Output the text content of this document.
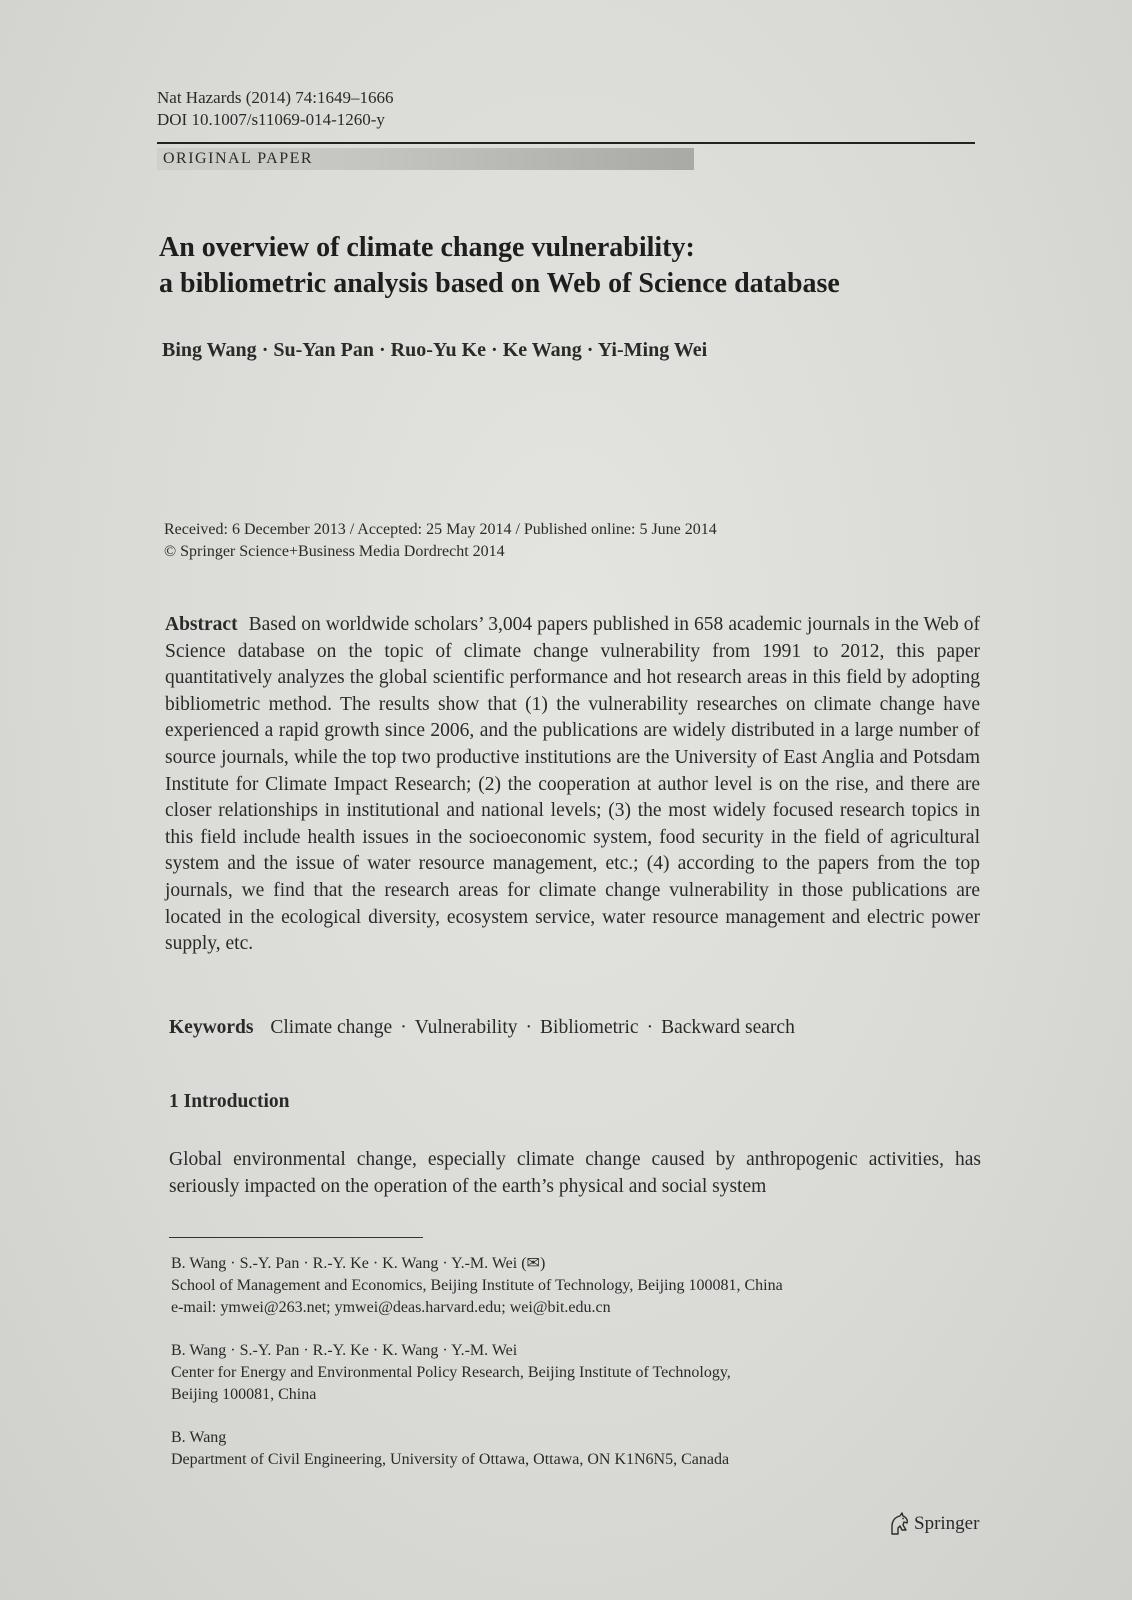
Nat Hazards (2014) 74:1649–1666
DOI 10.1007/s11069-014-1260-y
ORIGINAL PAPER
An overview of climate change vulnerability:
a bibliometric analysis based on Web of Science database
Bing Wang · Su-Yan Pan · Ruo-Yu Ke · Ke Wang · Yi-Ming Wei
Received: 6 December 2013 / Accepted: 25 May 2014 / Published online: 5 June 2014
© Springer Science+Business Media Dordrecht 2014
Abstract Based on worldwide scholars’ 3,004 papers published in 658 academic journals in the Web of Science database on the topic of climate change vulnerability from 1991 to 2012, this paper quantitatively analyzes the global scientific performance and hot research areas in this field by adopting bibliometric method. The results show that (1) the vulnerability researches on climate change have experienced a rapid growth since 2006, and the publications are widely distributed in a large number of source journals, while the top two productive institutions are the University of East Anglia and Potsdam Institute for Climate Impact Research; (2) the cooperation at author level is on the rise, and there are closer relationships in institutional and national levels; (3) the most widely focused research topics in this field include health issues in the socioeconomic system, food security in the field of agricultural system and the issue of water resource management, etc.; (4) according to the papers from the top journals, we find that the research areas for climate change vulnerability in those publications are located in the ecological diversity, ecosystem service, water resource management and electric power supply, etc.
Keywords Climate change · Vulnerability · Bibliometric · Backward search
1 Introduction
Global environmental change, especially climate change caused by anthropogenic activities, has seriously impacted on the operation of the earth’s physical and social system
B. Wang · S.-Y. Pan · R.-Y. Ke · K. Wang · Y.-M. Wei (✉)
School of Management and Economics, Beijing Institute of Technology, Beijing 100081, China
e-mail: ymwei@263.net; ymwei@deas.harvard.edu; wei@bit.edu.cn
B. Wang · S.-Y. Pan · R.-Y. Ke · K. Wang · Y.-M. Wei
Center for Energy and Environmental Policy Research, Beijing Institute of Technology,
Beijing 100081, China
B. Wang
Department of Civil Engineering, University of Ottawa, Ottawa, ON K1N6N5, Canada
Springer
